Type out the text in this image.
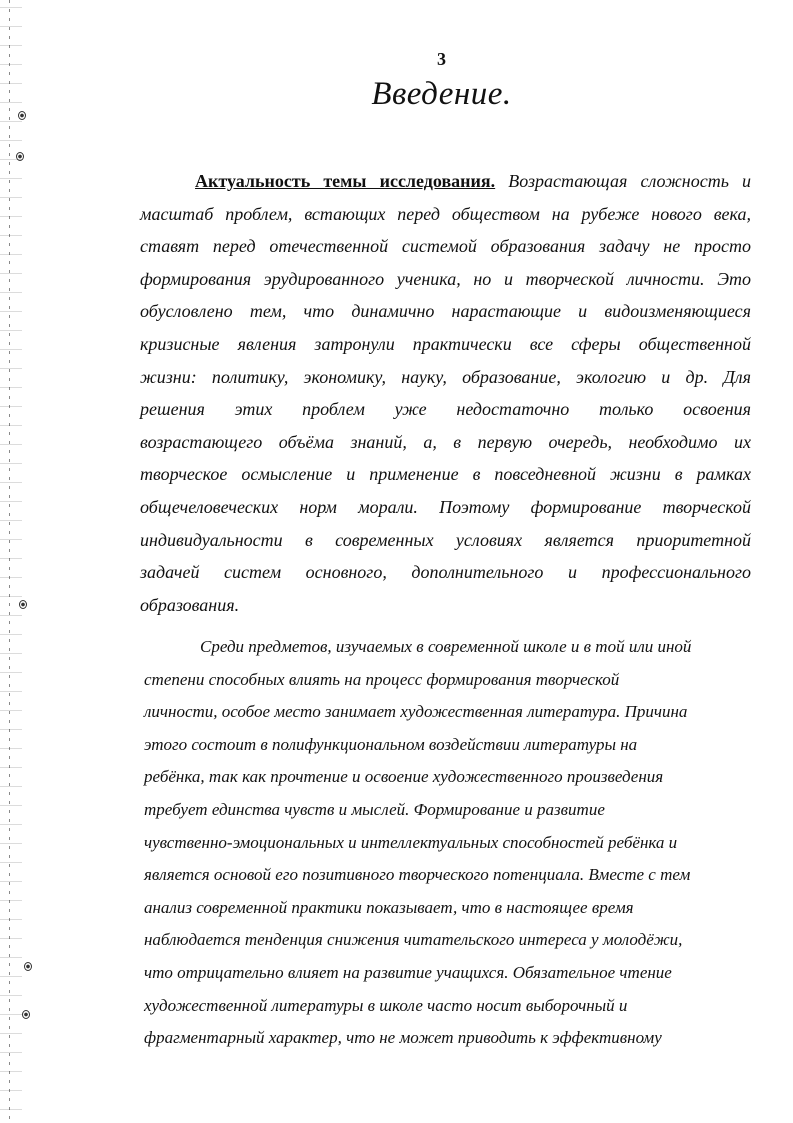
3
Введение.
Актуальность темы исследования. Возрастающая сложность и
масштаб проблем, встающих перед обществом на рубеже нового века,
ставят перед отечественной системой образования задачу не просто
формирования эрудированного ученика, но и творческой личности. Это
обусловлено тем, что динамично нарастающие и видоизменяющиеся
кризисные явления затронули практически все сферы общественной
жизни: политику, экономику, науку, образование, экологию и др. Для
решения этих проблем уже недостаточно только освоения
возрастающего объёма знаний, а, в первую очередь, необходимо их
творческое осмысление и применение в повседневной жизни в рамках
общечеловеческих норм морали. Поэтому формирование творческой
индивидуальности в современных условиях является приоритетной
задачей систем основного, дополнительного и профессионального
образования.
Среди предметов, изучаемых в современной школе и в той или иной
степени способных влиять на процесс формирования творческой
личности, особое место занимает художественная литература. Причина
этого состоит в полифункциональном воздействии литературы на
ребёнка, так как прочтение и освоение художественного произведения
требует единства чувств и мыслей. Формирование и развитие
чувственно-эмоциональных и интеллектуальных способностей ребёнка и
является основой его позитивного творческого потенциала. Вместе с тем
анализ современной практики показывает, что в настоящее время
наблюдается тенденция снижения читательского интереса у молодёжи,
что отрицательно влияет на развитие учащихся. Обязательное чтение
художественной литературы в школе часто носит выборочный и
фрагментарный характер, что не может приводить к эффективному
